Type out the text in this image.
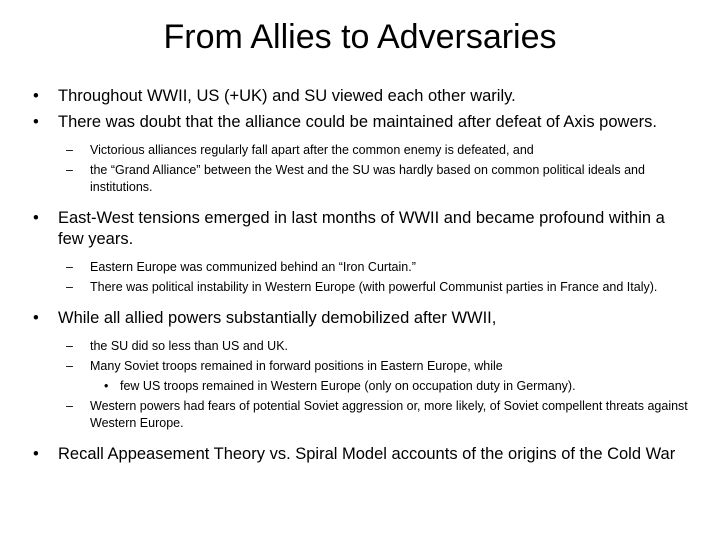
From Allies to Adversaries

• Throughout WWII, US (+UK) and SU viewed each other warily.

• There was doubt that the alliance could be maintained after defeat of Axis powers.

– Victorious alliances regularly fall apart after the common enemy is defeated, and

– the “Grand Alliance” between the West and the SU was hardly based on common political ideals and institutions.

• East-West tensions emerged in last months of WWII and became profound within a few years.

– Eastern Europe was communized behind an “Iron Curtain.”

– There was political instability in Western Europe (with powerful Communist parties in France and Italy).

• While all allied powers substantially demobilized after WWII,

– the SU did so less than US and UK.

– Many Soviet troops remained in forward positions in Eastern Europe, while

• few US troops remained in Western Europe (only on occupation duty in Germany).

– Western powers had fears of potential Soviet aggression or, more likely, of Soviet compellent threats against Western Europe.

• Recall Appeasement Theory vs. Spiral Model accounts of the origins of the Cold War
